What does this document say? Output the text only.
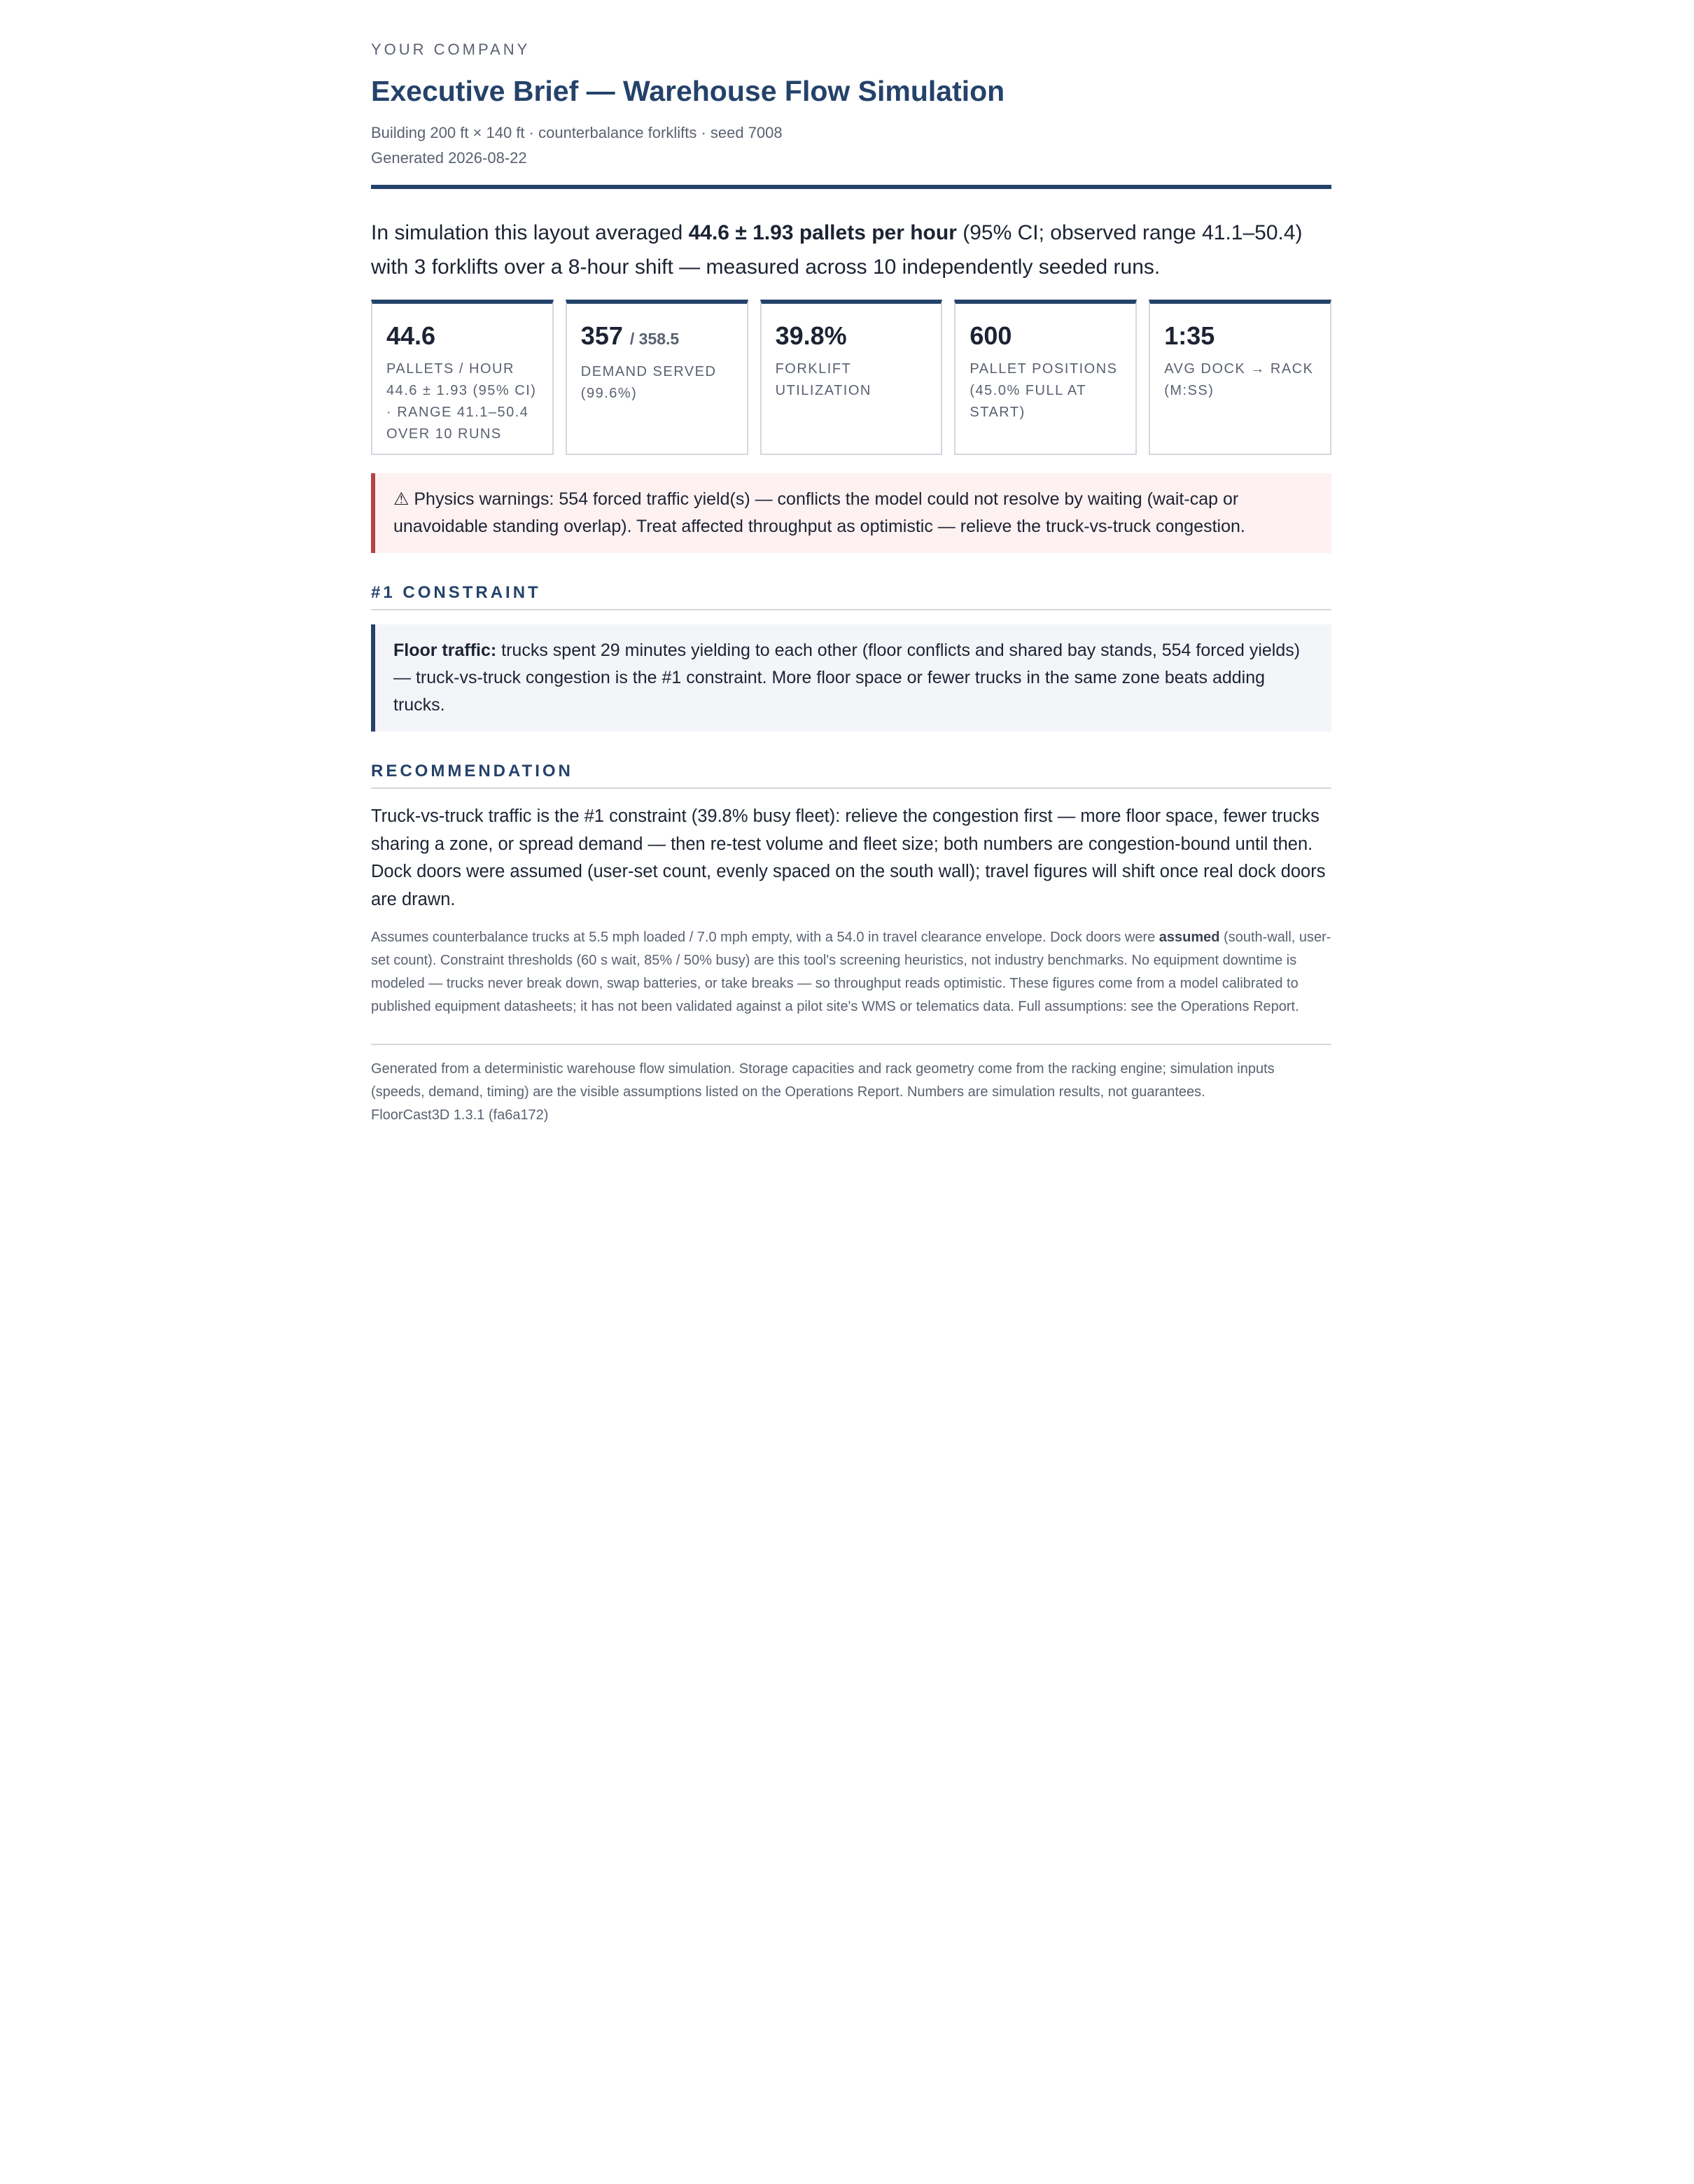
YOUR COMPANY
Executive Brief — Warehouse Flow Simulation
Building 200 ft × 140 ft · counterbalance forklifts · seed 7008
Generated 2026-08-22
In simulation this layout averaged 44.6 ± 1.93 pallets per hour (95% CI; observed range 41.1–50.4) with 3 forklifts over a 8-hour shift — measured across 10 independently seeded runs.
44.6
PALLETS / HOUR 44.6 ± 1.93 (95% CI) · RANGE 41.1–50.4 OVER 10 RUNS
357 / 358.5
DEMAND SERVED (99.6%)
39.8%
FORKLIFT UTILIZATION
600
PALLET POSITIONS (45.0% FULL AT START)
1:35
AVG DOCK → RACK (M:SS)
⚠ Physics warnings: 554 forced traffic yield(s) — conflicts the model could not resolve by waiting (wait-cap or unavoidable standing overlap). Treat affected throughput as optimistic — relieve the truck-vs-truck congestion.
#1 CONSTRAINT
Floor traffic: trucks spent 29 minutes yielding to each other (floor conflicts and shared bay stands, 554 forced yields) — truck-vs-truck congestion is the #1 constraint. More floor space or fewer trucks in the same zone beats adding trucks.
RECOMMENDATION
Truck-vs-truck traffic is the #1 constraint (39.8% busy fleet): relieve the congestion first — more floor space, fewer trucks sharing a zone, or spread demand — then re-test volume and fleet size; both numbers are congestion-bound until then. Dock doors were assumed (user-set count, evenly spaced on the south wall); travel figures will shift once real dock doors are drawn.
Assumes counterbalance trucks at 5.5 mph loaded / 7.0 mph empty, with a 54.0 in travel clearance envelope. Dock doors were assumed (south-wall, user-set count). Constraint thresholds (60 s wait, 85% / 50% busy) are this tool's screening heuristics, not industry benchmarks. No equipment downtime is modeled — trucks never break down, swap batteries, or take breaks — so throughput reads optimistic. These figures come from a model calibrated to published equipment datasheets; it has not been validated against a pilot site's WMS or telematics data. Full assumptions: see the Operations Report.
Generated from a deterministic warehouse flow simulation. Storage capacities and rack geometry come from the racking engine; simulation inputs (speeds, demand, timing) are the visible assumptions listed on the Operations Report. Numbers are simulation results, not guarantees.
FloorCast3D 1.3.1 (fa6a172)
